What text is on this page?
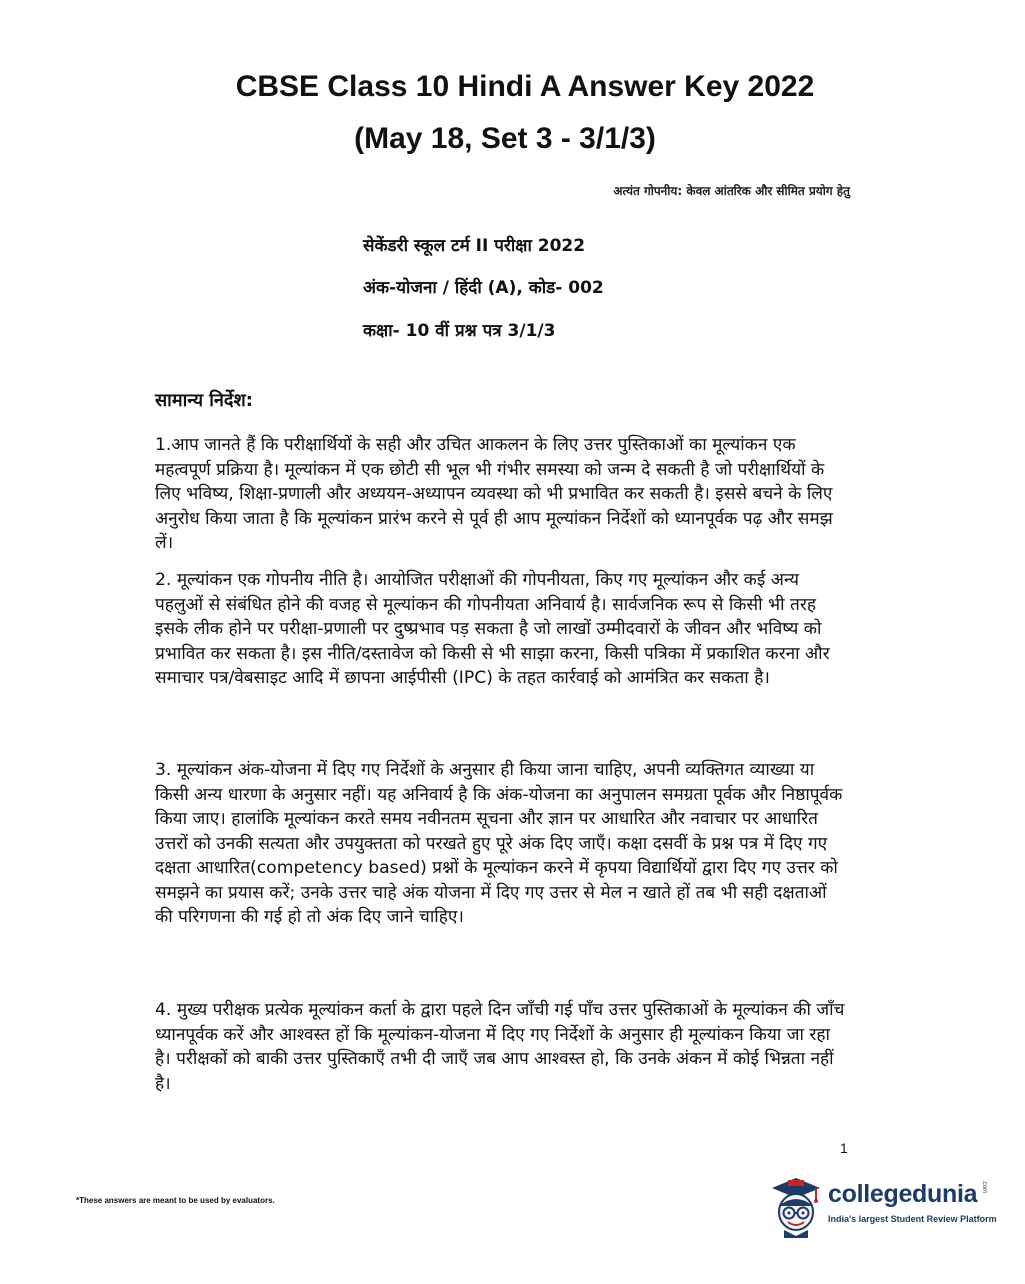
CBSE Class 10 Hindi A Answer Key 2022
(May 18, Set 3 - 3/1/3)
अत्यंत गोपनीय: केवल आंतरिक और सीमित प्रयोग हेतु
सेकेंडरी स्कूल टर्म II परीक्षा 2022
अंक-योजना / हिंदी (A), कोड- 002
कक्षा- 10 वीं प्रश्न पत्र 3/1/3
सामान्य निर्देश:

1.आप जानते हैं कि परीक्षार्थियों के सही और उचित आकलन के लिए उत्तर पुस्तिकाओं का मूल्यांकन एक महत्वपूर्ण प्रक्रिया है। मूल्यांकन में एक छोटी सी भूल भी गंभीर समस्या को जन्म दे सकती है जो परीक्षार्थियों के लिए भविष्य, शिक्षा-प्रणाली और अध्ययन-अध्यापन व्यवस्था को भी प्रभावित कर सकती है। इससे बचने के लिए अनुरोध किया जाता है कि मूल्यांकन प्रारंभ करने से पूर्व ही आप मूल्यांकन निर्देशों को ध्यानपूर्वक पढ़ और समझ लें।

2. मूल्यांकन एक गोपनीय नीति है। आयोजित परीक्षाओं की गोपनीयता, किए गए मूल्यांकन और कई अन्य पहलुओं से संबंधित होने की वजह से मूल्यांकन की गोपनीयता अनिवार्य है। सार्वजनिक रूप से किसी भी तरह इसके लीक होने पर परीक्षा-प्रणाली पर दुष्प्रभाव पड़ सकता है जो लाखों उम्मीदवारों के जीवन और भविष्य को प्रभावित कर सकता है। इस नीति/दस्तावेज को किसी से भी साझा करना, किसी पत्रिका में प्रकाशित करना और समाचार पत्र/वेबसाइट आदि में छापना आईपीसी (IPC) के तहत कार्रवाई को आमंत्रित कर सकता है।

3. मूल्यांकन अंक-योजना में दिए गए निर्देशों के अनुसार ही किया जाना चाहिए, अपनी व्यक्तिगत व्याख्या या किसी अन्य धारणा के अनुसार नहीं। यह अनिवार्य है कि अंक-योजना का अनुपालन समग्रता पूर्वक और निष्ठापूर्वक किया जाए। हालांकि मूल्यांकन करते समय नवीनतम सूचना और ज्ञान पर आधारित और नवाचार पर आधारित उत्तरों को उनकी सत्यता और उपयुक्तता को परखते हुए पूरे अंक दिए जाएँ। कक्षा दसवीं के प्रश्न पत्र में दिए गए दक्षता आधारित(competency based) प्रश्नों के मूल्यांकन करने में कृपया विद्यार्थियों द्वारा दिए गए उत्तर को समझने का प्रयास करें; उनके उत्तर चाहे अंक योजना में दिए गए उत्तर से मेल न खाते हों तब भी सही दक्षताओं की परिगणना की गई हो तो अंक दिए जाने चाहिए।

4. मुख्य परीक्षक प्रत्येक मूल्यांकन कर्ता के द्वारा पहले दिन जाँची गई पाँच उत्तर पुस्तिकाओं के मूल्यांकन की जाँच ध्यानपूर्वक करें और आश्वस्त हों कि मूल्यांकन-योजना में दिए गए निर्देशों के अनुसार ही मूल्यांकन किया जा रहा है। परीक्षकों को बाकी उत्तर पुस्तिकाएँ तभी दी जाएँ जब आप आश्वस्त हो, कि उनके अंकन में कोई भिन्नता नहीं है।

1
*These answers are meant to be used by evaluators.	collegedunia .com
India's largest Student Review Platform
